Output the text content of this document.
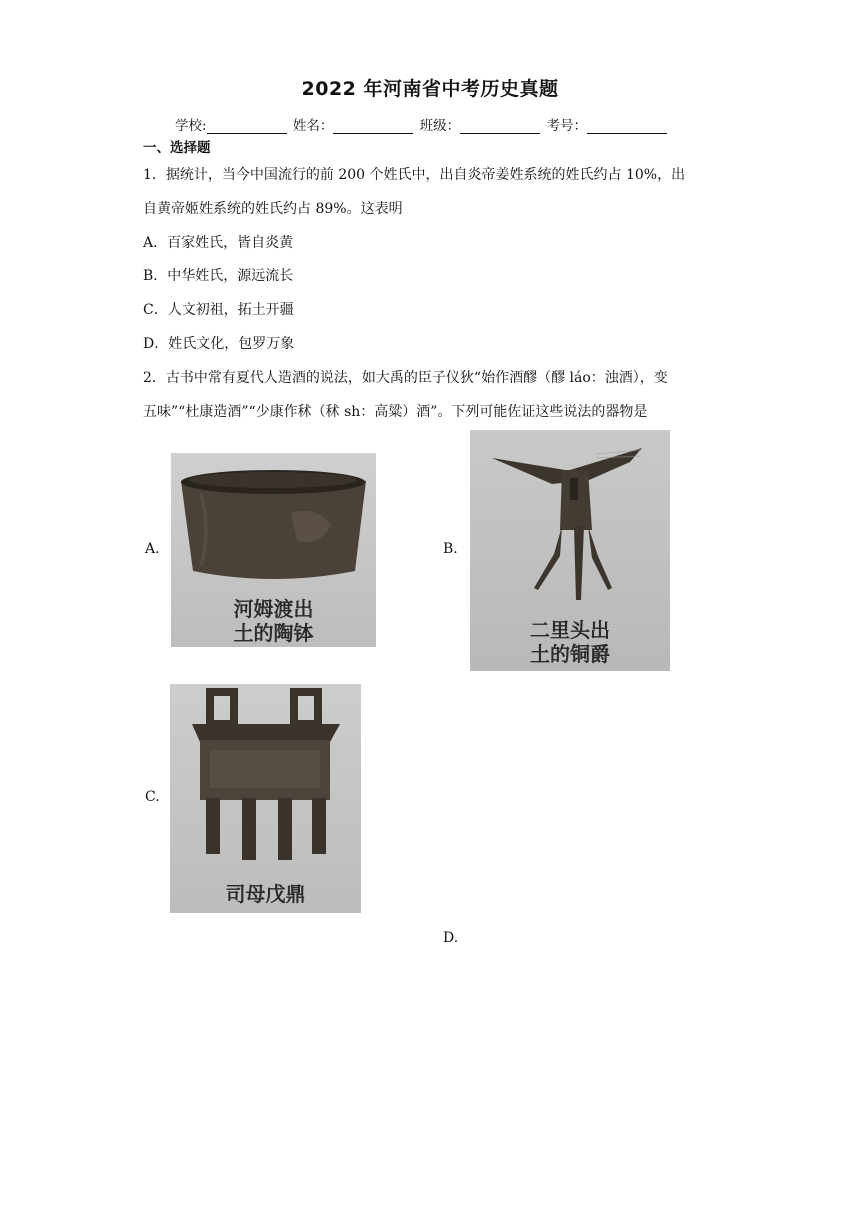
2022 年河南省中考历史真题
学校:	姓名：	班级：	考号：
一、选择题
1．据统计，当今中国流行的前 200 个姓氏中，出自炎帝姜姓系统的姓氏约占 10%，出
自黄帝姬姓系统的姓氏约占 89%。这表明
A．百家姓氏，皆自炎黄
B．中华姓氏，源远流长
C．人文初祖，拓土开疆
D．姓氏文化，包罗万象
2．古书中常有夏代人造酒的说法，如大禹的臣子仪狄“始作酒醪（醪 láo：浊酒），变
五味”“杜康造酒”“少康作秫（秫 sh：高粱）酒”。下列可能佐证这些说法的器物是
A.
河姆渡出
土的陶钵
B.
二里头出
土的铜爵
C.
司母戊鼎
D.
